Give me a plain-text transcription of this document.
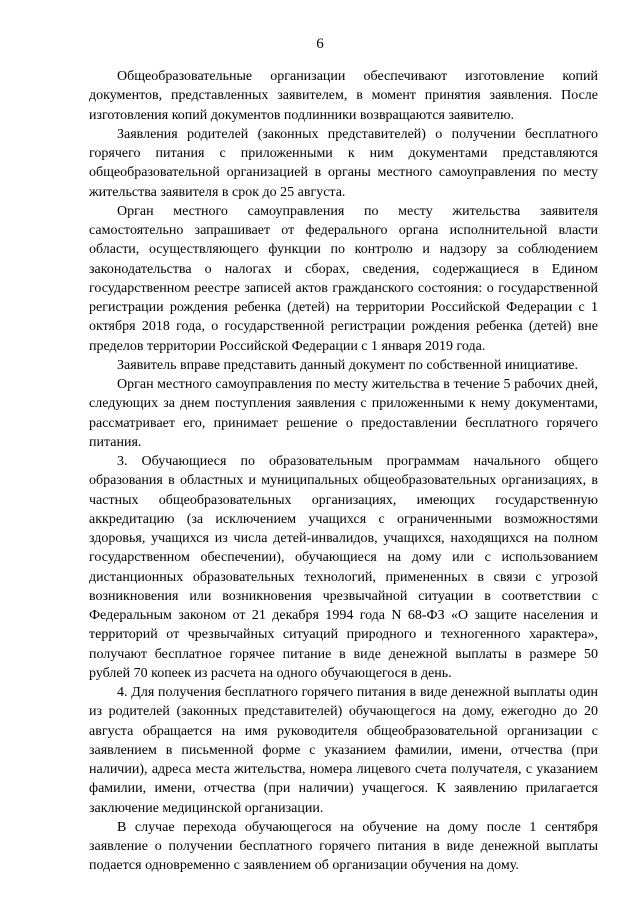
6

Общеобразовательные организации обеспечивают изготовление копий документов, представленных заявителем, в момент принятия заявления. После изготовления копий документов подлинники возвращаются заявителю.

Заявления родителей (законных представителей) о получении бесплатного горячего питания с приложенными к ним документами представляются общеобразовательной организацией в органы местного самоуправления по месту жительства заявителя в срок до 25 августа.

Орган местного самоуправления по месту жительства заявителя самостоятельно запрашивает от федерального органа исполнительной власти области, осуществляющего функции по контролю и надзору за соблюдением законодательства о налогах и сборах, сведения, содержащиеся в Едином государственном реестре записей актов гражданского состояния: о государственной регистрации рождения ребенка (детей) на территории Российской Федерации с 1 октября 2018 года, о государственной регистрации рождения ребенка (детей) вне пределов территории Российской Федерации с 1 января 2019 года.

Заявитель вправе представить данный документ по собственной инициативе.

Орган местного самоуправления по месту жительства в течение 5 рабочих дней, следующих за днем поступления заявления с приложенными к нему документами, рассматривает его, принимает решение о предоставлении бесплатного горячего питания.

3. Обучающиеся по образовательным программам начального общего образования в областных и муниципальных общеобразовательных организациях, в частных общеобразовательных организациях, имеющих государственную аккредитацию (за исключением учащихся с ограниченными возможностями здоровья, учащихся из числа детей-инвалидов, учащихся, находящихся на полном государственном обеспечении), обучающиеся на дому или с использованием дистанционных образовательных технологий, примененных в связи с угрозой возникновения или возникновения чрезвычайной ситуации в соответствии с Федеральным законом от 21 декабря 1994 года N 68-ФЗ «О защите населения и территорий от чрезвычайных ситуаций природного и техногенного характера», получают бесплатное горячее питание в виде денежной выплаты в размере 50 рублей 70 копеек из расчета на одного обучающегося в день.

4. Для получения бесплатного горячего питания в виде денежной выплаты один из родителей (законных представителей) обучающегося на дому, ежегодно до 20 августа обращается на имя руководителя общеобразовательной организации с заявлением в письменной форме с указанием фамилии, имени, отчества (при наличии), адреса места жительства, номера лицевого счета получателя, с указанием фамилии, имени, отчества (при наличии) учащегося. К заявлению прилагается заключение медицинской организации.

В случае перехода обучающегося на обучение на дому после 1 сентября заявление о получении бесплатного горячего питания в виде денежной выплаты подается одновременно с заявлением об организации обучения на дому.
